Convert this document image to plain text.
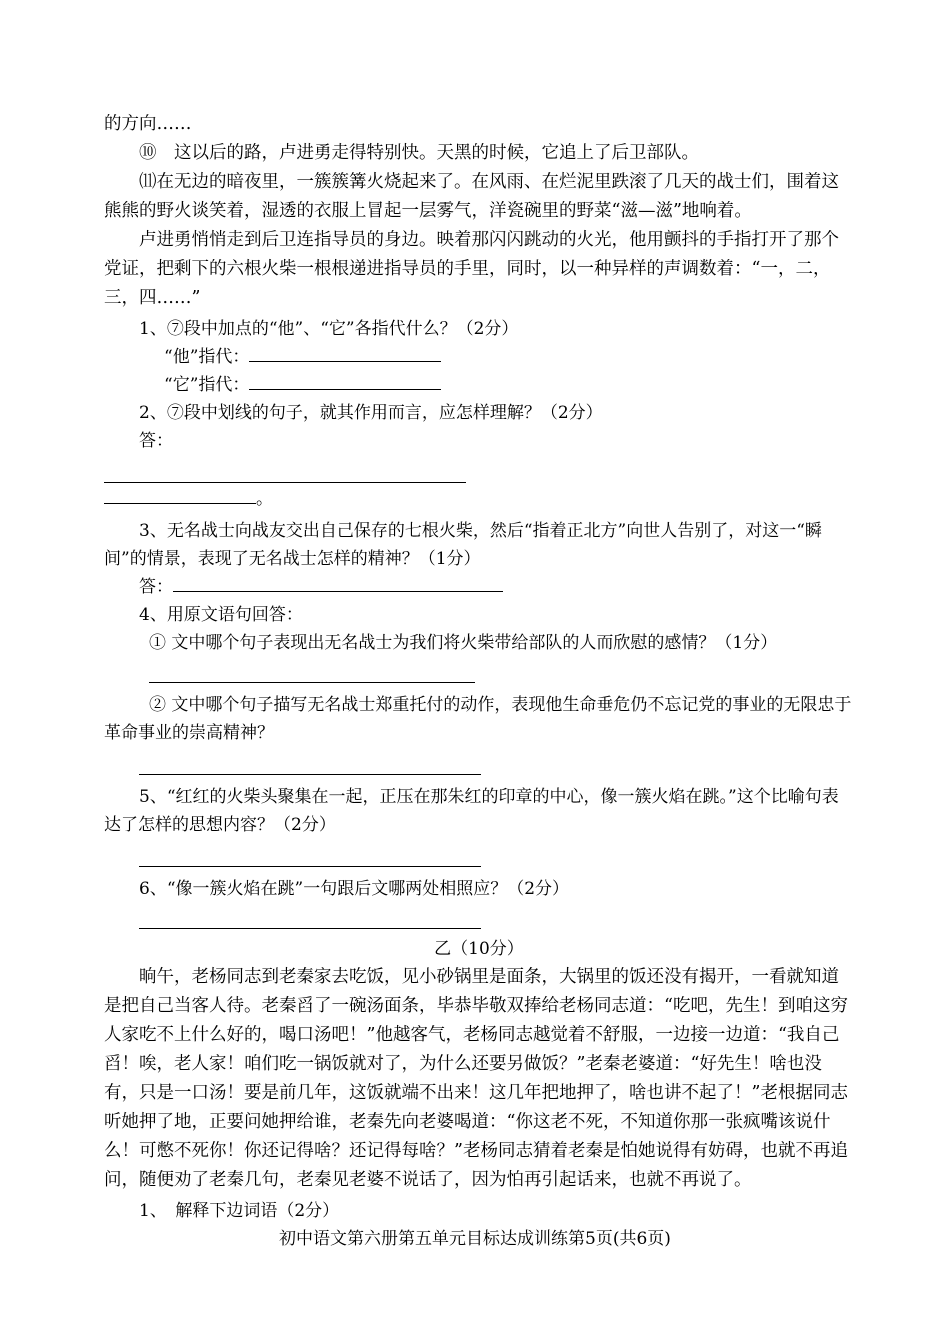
的方向……

⑩　这以后的路，卢进勇走得特别快。天黑的时候，它追上了后卫部队。

⑾在无边的暗夜里，一簇簇篝火烧起来了。在风雨、在烂泥里跌滚了几天的战士们，围着这熊熊的野火谈笑着，湿透的衣服上冒起一层雾气，洋瓷碗里的野菜“滋—滋”地响着。

卢进勇悄悄走到后卫连指导员的身边。映着那闪闪跳动的火光，他用颤抖的手指打开了那个党证，把剩下的六根火柴一根根递进指导员的手里，同时，以一种异样的声调数着：“一，二，三，四……”

1、⑦段中加点的“他”、“它”各指代什么？（2分）

“他”指代：

“它”指代：

2、⑦段中划线的句子，就其作用而言，应怎样理解？（2分）

答：

。

3、无名战士向战友交出自己保存的七根火柴，然后“指着正北方”向世人告别了，对这一“瞬间”的情景，表现了无名战士怎样的精神？（1分）

答：

4、用原文语句回答：

① 文中哪个句子表现出无名战士为我们将火柴带给部队的人而欣慰的感情？（1分）

② 文中哪个句子描写无名战士郑重托付的动作，表现他生命垂危仍不忘记党的事业的无限忠于革命事业的崇高精神？

5、“红红的火柴头聚集在一起，正压在那朱红的印章的中心，像一簇火焰在跳。”这个比喻句表达了怎样的思想内容？（2分）

6、“像一簇火焰在跳”一句跟后文哪两处相照应？（2分）

乙（10分）

晌午，老杨同志到老秦家去吃饭，见小砂锅里是面条，大锅里的饭还没有揭开，一看就知道是把自己当客人待。老秦舀了一碗汤面条，毕恭毕敬双捧给老杨同志道：“吃吧，先生！到咱这穷人家吃不上什么好的，喝口汤吧！”他越客气，老杨同志越觉着不舒服，一边接一边道：“我自己舀！唉，老人家！咱们吃一锅饭就对了，为什么还要另做饭？”老秦老婆道：“好先生！啥也没有，只是一口汤！要是前几年，这饭就端不出来！这几年把地押了，啥也讲不起了！”老根据同志听她押了地，正要问她押给谁，老秦先向老婆喝道：“你这老不死，不知道你那一张疯嘴该说什么！可憋不死你！你还记得啥？还记得每啥？”老杨同志猜着老秦是怕她说得有妨碍，也就不再追问，随便劝了老秦几句，老秦见老婆不说话了，因为怕再引起话来，也就不再说了。

1、　解释下边词语（2分）

初中语文第六册第五单元目标达成训练第5页(共6页)
